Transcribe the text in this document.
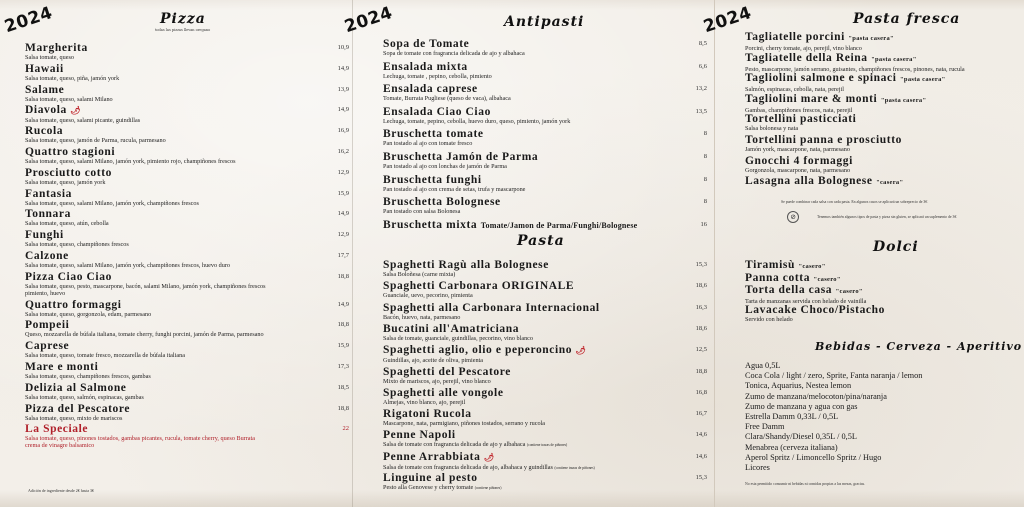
2024	Pizza
todas las pizzas llevan oregano
Margherita
Salsa tomate, queso
10,9
Hawaii
Salsa tomate, queso, piña, jamón york
14,9
Salame
Salsa tomate, queso, salami Milano
13,9
Diavola 🌶
Salsa tomate, queso, salami picante, guindillas
14,9
Rucola
Salsa tomate, queso, jamón de Parma, rucula, parmesano
16,9
Quattro stagioni
Salsa tomate, queso, salami Milano, jamón york, pimiento rojo, champiñones frescos
16,2
Prosciutto cotto
Salsa tomate, queso, jamón york
12,9
Fantasia
Salsa tomate, queso, salami Milano, jamón york, champiñones frescos
15,9
Tonnara
Salsa tomate, queso, atún, cebolla
14,9
Funghi
Salsa tomate, queso, champiñones frescos
12,9
Calzone
Salsa tomate, queso, salami Milano, jamón york, champiñones frescos, huevo duro
17,7
Pizza Ciao Ciao
Salsa tomate, queso, pesto, mascarpone, bacón, salami Milano, jamón york, champiñones frescos
pimiento, huevo
18,8
Quattro formaggi
Salsa tomate, queso, gorgonzola, edam, parmesano
14,9
Pompeii
Queso, mozzarella de búfala italiana, tomate cherry, funghi porcini, jamón de Parma, parmesano
18,8
Caprese
Salsa tomate, queso, tomate fresco, mozzarella de búfala italiana
15,9
Mare e monti
Salsa tomate, queso, champiñones frescos, gambas
17,3
Delizia al Salmone
Salsa tomate, queso, salmón, espinacas, gambas
18,5
Pizza del Pescatore
Salsa tomate, queso, mixto de mariscos
18,8
La Speciale
Salsa tomate, queso, pinones tostados, gambas picantes, rucula, tomate cherry, queso Burrata
crema de vinagre balsamico
22
Adición de ingrediente desde 2€ hasta 3€
2024	Antipasti
Sopa de Tomate
Sopa de tomate con fragrancia delicada de ajo y albahaca
8,5
Ensalada mixta
Lechuga, tomate , pepino, cebolla, pimiento
6,6
Ensalada caprese
Tomate, Burrata Pugliese (queso de vaca), albahaca
13,2
Ensalada Ciao Ciao
Lechuga, tomate, pepino, cebolla, huevo duro, queso, pimiento, jamón york
13,5
Bruschetta tomate
Pan tostado al ajo con tomate fresco
8
Bruschetta Jamón de Parma
Pan tostado al ajo con lonchas de jamón de Parma
8
Bruschetta funghi
Pan tostado al ajo con crema de setas, trufa y mascarpone
8
Bruschetta Bolognese
Pan tostado con salsa Bolonesa
8
Bruschetta mixta Tomate/Jamon de Parma/Funghi/Bolognese	16
Pasta
Spaghetti Ragù alla Bolognese
Salsa Boloñesa (carne mixta)
15,3
Spaghetti Carbonara ORIGINALE
Guanciale, uevo, pecorino, pimienta
18,6
Spaghetti alla Carbonara Internacional
Bacón, huevo, nata, parmesano
16,3
Bucatini all'Amatriciana
Salsa de tomate, guanciale, guindillas, pecorino, vino blanco
18,6
Spaghetti aglio, olio e peperoncino 🌶
Guindillas, ajo, aceite de oliva, pimienta
12,5
Spaghetti del Pescatore
Mixto de mariscos, ajo, perejil, vino blanco
18,8
Spaghetti alle vongole
Almejas, vino blanco, ajo, perejil
16,8
Rigatoni Rucola
Mascarpone, nata, parmigiano, piñones tostados, serrano y rucola
16,7
Penne Napoli
Salsa de tomate con fragrancia delicada de ajo y albahaca (contiene trazas de piñones)
14,6
Penne Arrabbiata 🌶
Salsa de tomate con fragrancia delicada de ajo, albahaca y guindillas (contiene trazas de piñones)
14,6
Linguine al pesto
Pesto alla Genovese y cherry tomate (contiene piñones)
15,3
2024	Pasta fresca
Tagliatelle porcini "pasta casera"
Porcini, cherry tomate, ajo, perejil, vino blanco
Tagliatelle della Reina "pasta casera"
Pesto, mascarpone, jamón serrano, guisantes, champiñones frescos, pinones, nata, rucula
Tagliolini salmone e spinaci "pasta casera"
Salmón, espinacas, cebolla, nata, perejil
Tagliolini mare & monti "pasta casera"
Gambas, champiñones frescos, nata, perejil
Tortellini pasticciati
Salsa bolonesa y nata
Tortellini panna e prosciutto
Jamón york, mascarpone, nata, parmesano
Gnocchi 4 formaggi
Gorgonzola, mascarpone, nata, parmesano
Lasagna alla Bolognese "casera"
Se puede combinar cada salsa con cada pasta. En algunos casos se aplicará un sobreprecio de 3€
⊘	Tenemos también algunos tipos de pasta y pizza sin gluten, se aplicará un suplemento de 3€
Dolci
Tiramisù "casero"
Panna cotta "casero"
Torta della casa "casero"
Tarta de manzanas servida con helado de vainilla
Lavacake Choco/Pistacho
Servido con helado
Bebidas - Cerveza - Aperitivo
Agua 0,5L
Coca Cola / light / zero, Sprite, Fanta naranja / lemon
Tonica, Aquarius, Nestea lemon
Zumo de manzana/melocoton/pina/naranja
Zumo de manzana y agua con gas
Estrella Damm 0,33L / 0,5L
Free Damm
Clara/Shandy/Diesel 0,35L / 0,5L
Menabrea (cerveza italiana)
Aperol Spritz / Limoncello Spritz / Hugo
Licores
No esta permitido consumir ni bebidas ni comidas propias a las mesas, gracias.
